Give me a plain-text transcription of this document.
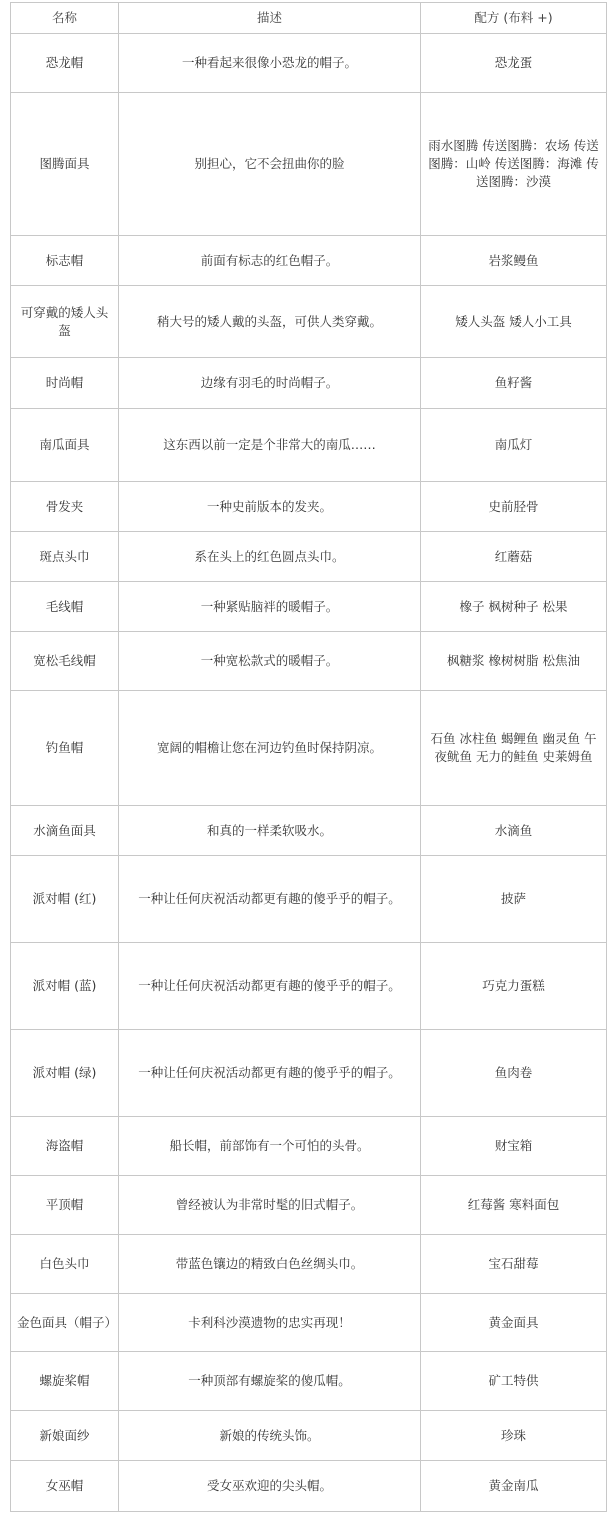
名称	描述	配方 (布料 +)
恐龙帽	一种看起来很像小恐龙的帽子。	恐龙蛋
图腾面具	别担心，它不会扭曲你的脸	雨水图腾 传送图腾：农场 传送图腾：山岭 传送图腾：海滩 传送图腾：沙漠
标志帽	前面有标志的红色帽子。	岩浆鳗鱼
可穿戴的矮人头盔	稍大号的矮人戴的头盔，可供人类穿戴。	矮人头盔 矮人小工具
时尚帽	边缘有羽毛的时尚帽子。	鱼籽酱
南瓜面具	这东西以前一定是个非常大的南瓜……	南瓜灯
骨发夹	一种史前版本的发夹。	史前胫骨
斑点头巾	系在头上的红色圆点头巾。	红蘑菇
毛线帽	一种紧贴脑袢的暖帽子。	橡子 枫树种子 松果
宽松毛线帽	一种宽松款式的暖帽子。	枫糖浆 橡树树脂 松焦油
钓鱼帽	宽阔的帽檐让您在河边钓鱼时保持阴凉。	石鱼 冰柱鱼 蝎鲤鱼 幽灵鱼 午夜鱿鱼 无力的鲑鱼 史莱姆鱼
水滴鱼面具	和真的一样柔软吸水。	水滴鱼
派对帽 (红)	一种让任何庆祝活动都更有趣的傻乎乎的帽子。	披萨
派对帽 (蓝)	一种让任何庆祝活动都更有趣的傻乎乎的帽子。	巧克力蛋糕
派对帽 (绿)	一种让任何庆祝活动都更有趣的傻乎乎的帽子。	鱼肉卷
海盗帽	船长帽，前部饰有一个可怕的头骨。	财宝箱
平顶帽	曾经被认为非常时髦的旧式帽子。	红莓酱 寒料面包
白色头巾	带蓝色镶边的精致白色丝绸头巾。	宝石甜莓
金色面具（帽子）	卡利科沙漠遗物的忠实再现！	黄金面具
螺旋桨帽	一种顶部有螺旋桨的傻瓜帽。	矿工特供
新娘面纱	新娘的传统头饰。	珍珠
女巫帽	受女巫欢迎的尖头帽。	黄金南瓜
